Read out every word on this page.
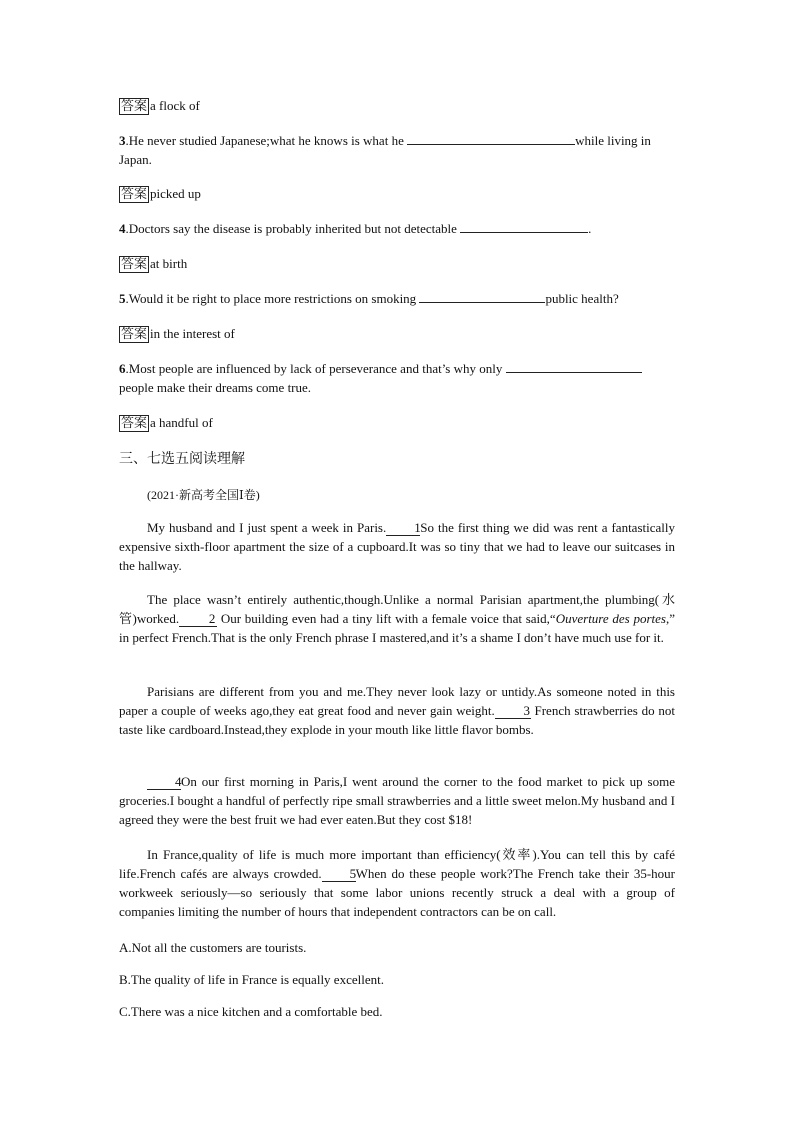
答案 a flock of
3.He never studied Japanese;what he knows is what he	while living in Japan.
答案 picked up
4.Doctors say the disease is probably inherited but not detectable	.
答案 at birth
5.Would it be right to place more restrictions on smoking	public health?
答案 in the interest of
6.Most people are influenced by lack of perseverance and that’s why only  people make their dreams come true.
答案 a handful of
三、七选五阅读理解
(2021·新高考全国Ⅰ卷)
My husband and I just spent a week in Paris. 1So the first thing we did was rent a fantastically expensive sixth-floor apartment the size of a cupboard.It was so tiny that we had to leave our suitcases in the hallway.
The place wasn’t entirely authentic,though.Unlike a normal Parisian apartment,the plumbing(水管)worked. 2 Our building even had a tiny lift with a female voice that said,“Ouverture des portes,” in perfect French.That is the only French phrase I mastered,and it’s a shame I don’t have much use for it.
Parisians are different from you and me.They never look lazy or untidy.As someone noted in this paper a couple of weeks ago,they eat great food and never gain weight. 3 French strawberries do not taste like cardboard.Instead,they explode in your mouth like little flavor bombs.
4On our first morning in Paris,I went around the corner to the food market to pick up some groceries.I bought a handful of perfectly ripe small strawberries and a little sweet melon.My husband and I agreed they were the best fruit we had ever eaten.But they cost $18!
In France,quality of life is much more important than efficiency(效率).You can tell this by café life.French cafés are always crowded. 5When do these people work?The French take their 35-hour workweek seriously—so seriously that some labor unions recently struck a deal with a group of companies limiting the number of hours that independent contractors can be on call.
A.Not all the customers are tourists.
B.The quality of life in France is equally excellent.
C.There was a nice kitchen and a comfortable bed.
